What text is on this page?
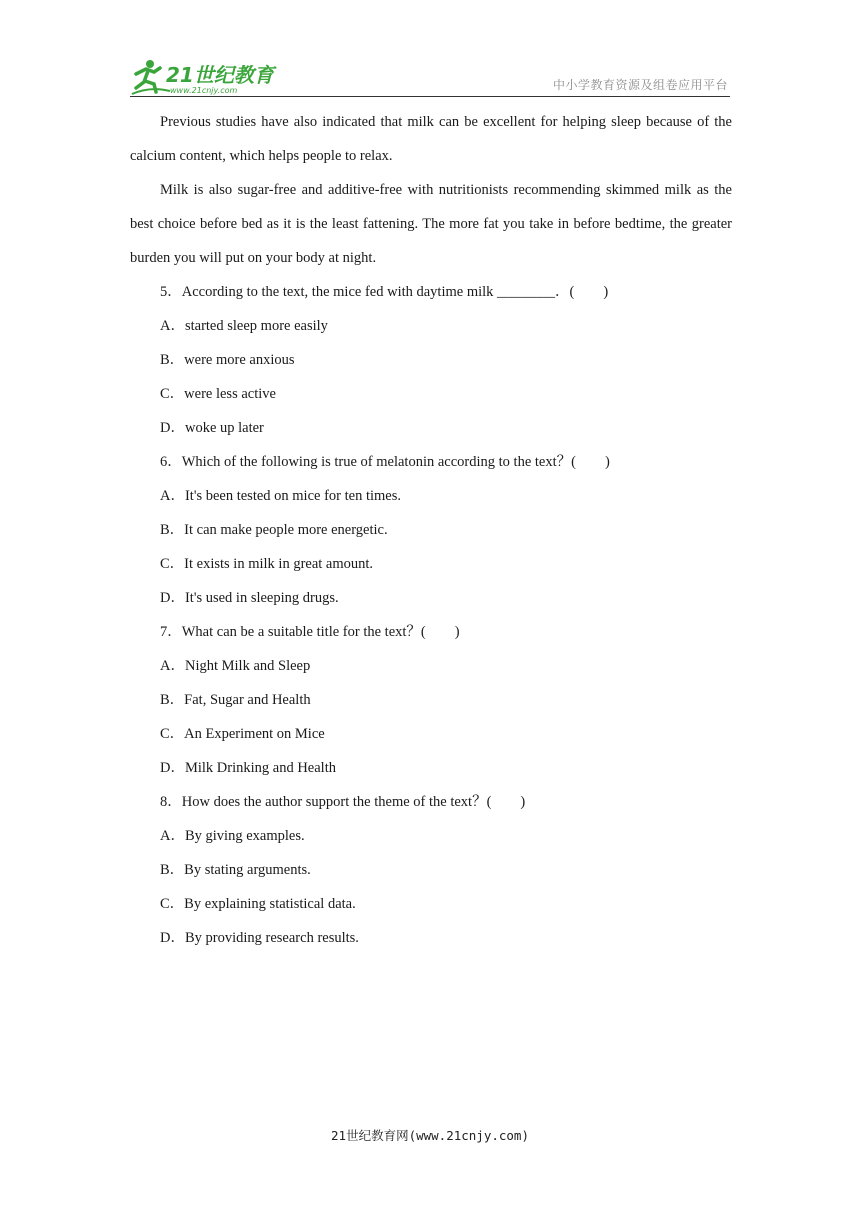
21世纪教育
www.21cnjy.com	中小学教育资源及组卷应用平台

Previous studies have also indicated that milk can be excellent for helping sleep because of the calcium content, which helps people to relax.

Milk is also sugar-free and additive-free with nutritionists recommending skimmed milk as the best choice before bed as it is the least fattening. The more fat you take in before bedtime, the greater burden you will put on your body at night.

5．According to the text, the mice fed with daytime milk ________．(　　)

A．started sleep more easily

B．were more anxious

C．were less active

D．woke up later

6．Which of the following is true of melatonin according to the text？(　　)

A．It's been tested on mice for ten times.

B．It can make people more energetic.

C．It exists in milk in great amount.

D．It's used in sleeping drugs.

7．What can be a suitable title for the text？(　　)

A．Night Milk and Sleep

B．Fat, Sugar and Health

C．An Experiment on Mice

D．Milk Drinking and Health

8．How does the author support the theme of the text？(　　)

A．By giving examples.

B．By stating arguments.

C．By explaining statistical data.

D．By providing research results.

21世纪教育网(www.21cnjy.com)
